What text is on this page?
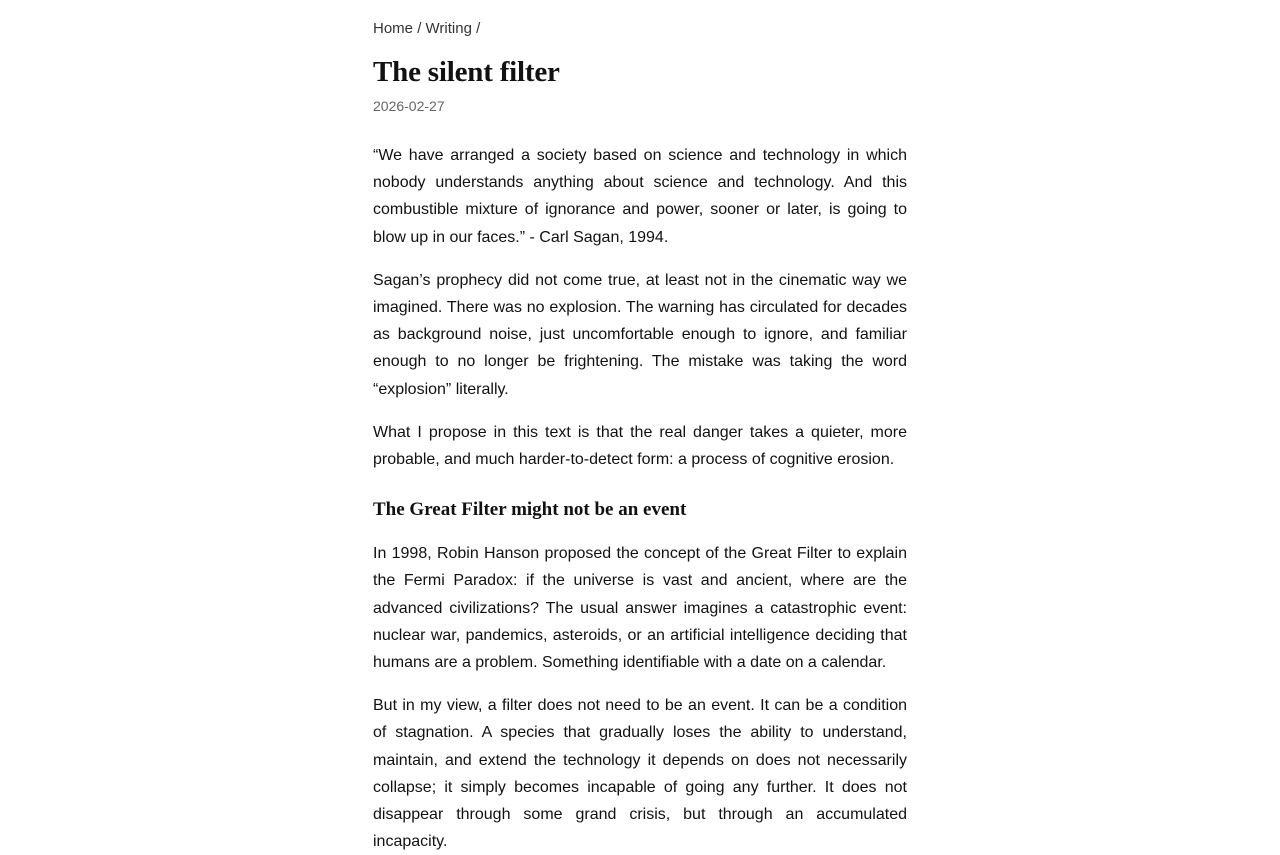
Home / Writing /
The silent filter
2026-02-27

“We have arranged a society based on science and technology in which nobody understands anything about science and technology. And this combustible mixture of ignorance and power, sooner or later, is going to blow up in our faces.” - Carl Sagan, 1994.

Sagan’s prophecy did not come true, at least not in the cinematic way we imagined. There was no explosion. The warning has circulated for decades as background noise, just uncomfortable enough to ignore, and familiar enough to no longer be frightening. The mistake was taking the word “explosion” literally.

What I propose in this text is that the real danger takes a quieter, more probable, and much harder-to-detect form: a process of cognitive erosion.

The Great Filter might not be an event

In 1998, Robin Hanson proposed the concept of the Great Filter to explain the Fermi Paradox: if the universe is vast and ancient, where are the advanced civilizations? The usual answer imagines a catastrophic event: nuclear war, pandemics, asteroids, or an artificial intelligence deciding that humans are a problem. Something identifiable with a date on a calendar.

But in my view, a filter does not need to be an event. It can be a condition of stagnation. A species that gradually loses the ability to understand, maintain, and extend the technology it depends on does not necessarily collapse; it simply becomes incapable of going any further. It does not disappear through some grand crisis, but through an accumulated incapacity.
